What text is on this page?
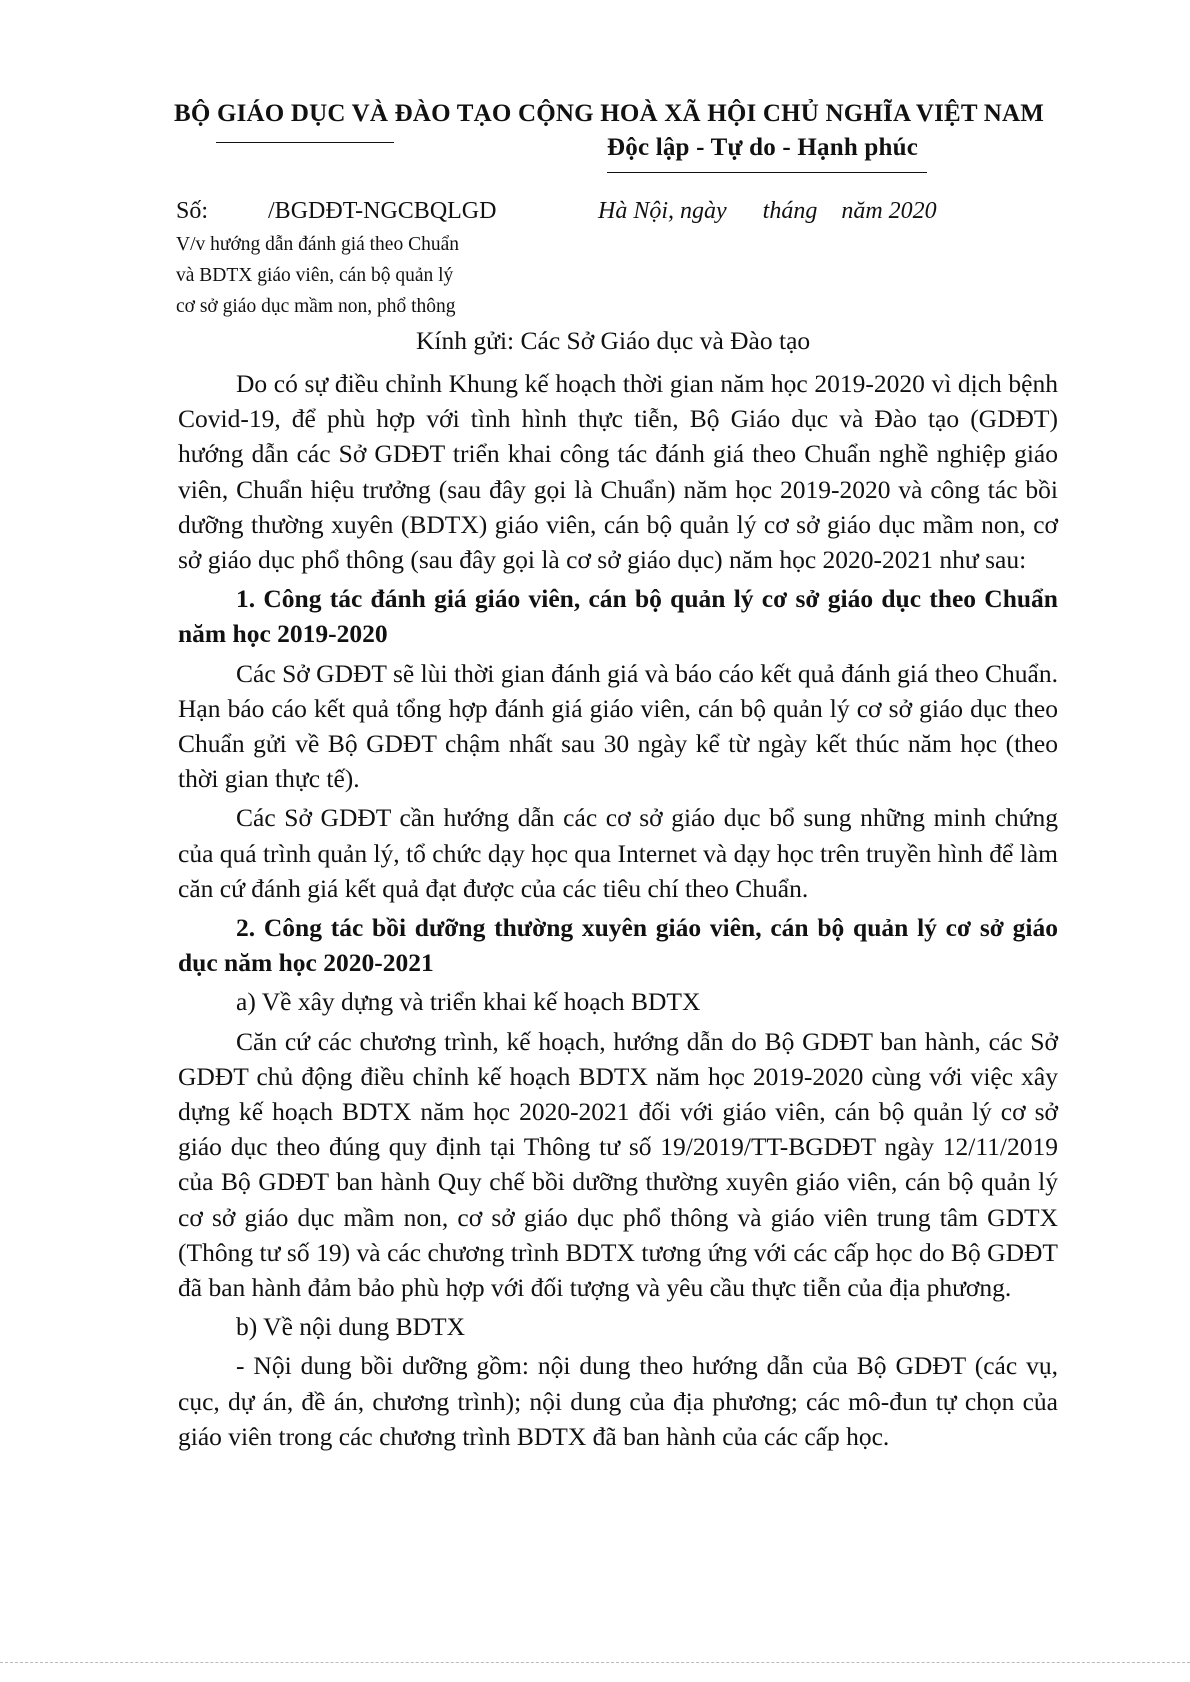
BỘ GIÁO DỤC VÀ ĐÀO TẠO CỘNG HOÀ XÃ HỘI CHỦ NGHĨA VIỆT NAM
Độc lập - Tự do - Hạnh phúc
Số:          /BGDĐT-NGCBQLGD	Hà Nội, ngày      tháng    năm 2020
V/v hướng dẫn đánh giá theo Chuẩn
và BDTX giáo viên, cán bộ quản lý
cơ sở giáo dục mầm non, phổ thông
Kính gửi: Các Sở Giáo dục và Đào tạo

Do có sự điều chỉnh Khung kế hoạch thời gian năm học 2019-2020 vì dịch bệnh Covid-19, để phù hợp với tình hình thực tiễn, Bộ Giáo dục và Đào tạo (GDĐT) hướng dẫn các Sở GDĐT triển khai công tác đánh giá theo Chuẩn nghề nghiệp giáo viên, Chuẩn hiệu trưởng (sau đây gọi là Chuẩn) năm học 2019-2020 và công tác bồi dưỡng thường xuyên (BDTX) giáo viên, cán bộ quản lý cơ sở giáo dục mầm non, cơ sở giáo dục phổ thông (sau đây gọi là cơ sở giáo dục) năm học 2020-2021 như sau:

1. Công tác đánh giá giáo viên, cán bộ quản lý cơ sở giáo dục theo Chuẩn năm học 2019-2020

Các Sở GDĐT sẽ lùi thời gian đánh giá và báo cáo kết quả đánh giá theo Chuẩn. Hạn báo cáo kết quả tổng hợp đánh giá giáo viên, cán bộ quản lý cơ sở giáo dục theo Chuẩn gửi về Bộ GDĐT chậm nhất sau 30 ngày kể từ ngày kết thúc năm học (theo thời gian thực tế).

Các Sở GDĐT cần hướng dẫn các cơ sở giáo dục bổ sung những minh chứng của quá trình quản lý, tổ chức dạy học qua Internet và dạy học trên truyền hình để làm căn cứ đánh giá kết quả đạt được của các tiêu chí theo Chuẩn.

2. Công tác bồi dưỡng thường xuyên giáo viên, cán bộ quản lý cơ sở giáo dục năm học 2020-2021

a) Về xây dựng và triển khai kế hoạch BDTX

Căn cứ các chương trình, kế hoạch, hướng dẫn do Bộ GDĐT ban hành, các Sở GDĐT chủ động điều chỉnh kế hoạch BDTX năm học 2019-2020 cùng với việc xây dựng kế hoạch BDTX năm học 2020-2021 đối với giáo viên, cán bộ quản lý cơ sở giáo dục theo đúng quy định tại Thông tư số 19/2019/TT-BGDĐT ngày 12/11/2019 của Bộ GDĐT ban hành Quy chế bồi dưỡng thường xuyên giáo viên, cán bộ quản lý cơ sở giáo dục mầm non, cơ sở giáo dục phổ thông và giáo viên trung tâm GDTX (Thông tư số 19) và các chương trình BDTX tương ứng với các cấp học do Bộ GDĐT đã ban hành đảm bảo phù hợp với đối tượng và yêu cầu thực tiễn của địa phương.

b) Về nội dung BDTX

- Nội dung bồi dưỡng gồm: nội dung theo hướng dẫn của Bộ GDĐT (các vụ, cục, dự án, đề án, chương trình); nội dung của địa phương; các mô-đun tự chọn của giáo viên trong các chương trình BDTX đã ban hành của các cấp học.
